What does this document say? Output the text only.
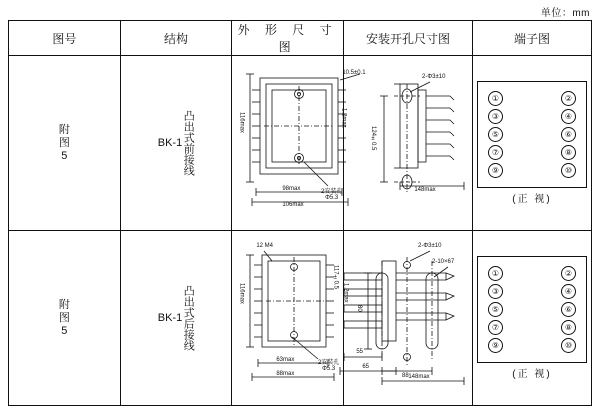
单位：mm
图号	结构	外 形 尺 寸 图	安装开孔尺寸图	端子图

附
图
5

BK-1 凸出式前接线

10.5±0.1
116max	1.2max
98max
106max
2安装孔Φ5.3
148max

2-Φ3±10
124±0.5

①	②
③	④
⑤	⑥
⑦	⑧
⑨	⑩
(正 视)

附
图
5

BK-1 凸出式后接线

12 M4
117±0.5
116max	1.2max
63max
88max
2安装孔Φ5.3
55
65
148max

2-Φ3±10
2-10×67
80
88

①	②
③	④
⑤	⑥
⑦	⑧
⑨	⑩
(正 视)
